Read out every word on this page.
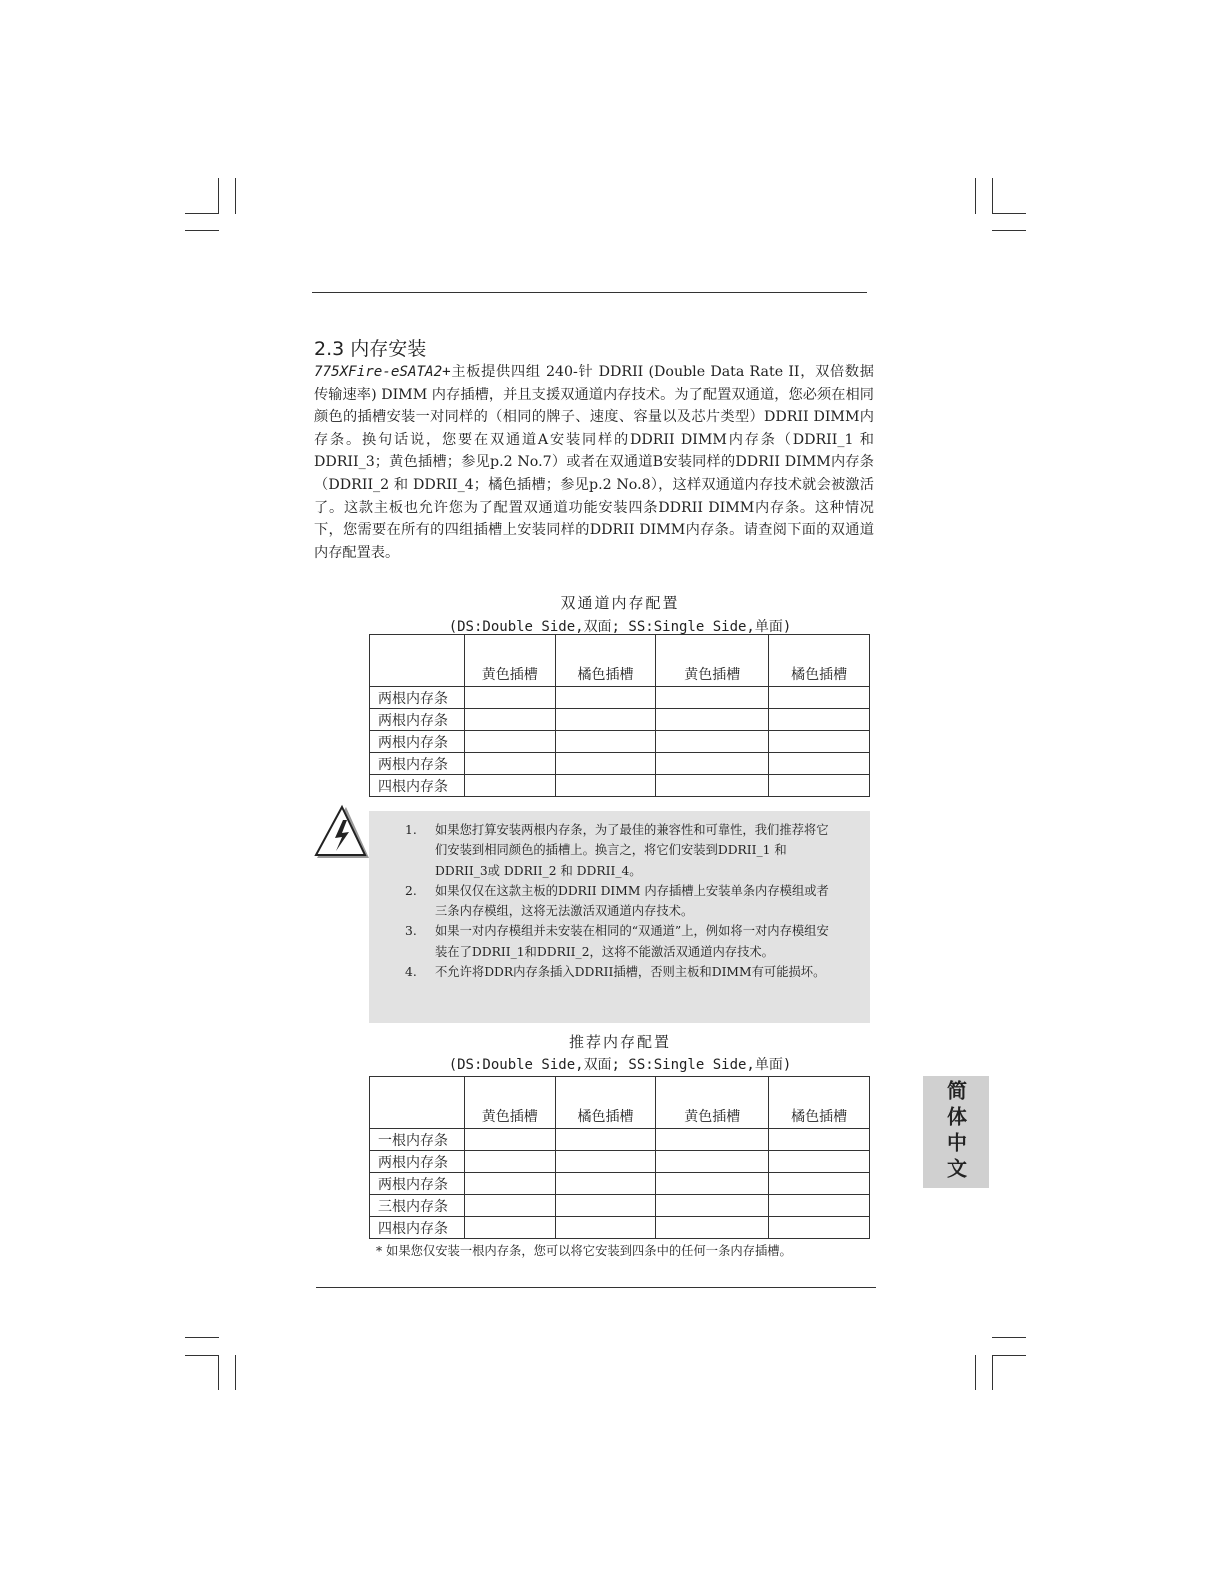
2.3 内存安装

775XFire-eSATA2+主板提供四组 240-针 DDRII (Double Data Rate II，双倍数据传输速率) DIMM 内存插槽，并且支援双通道内存技术。为了配置双通道，您必须在相同颜色的插槽安装一对同样的（相同的牌子、速度、容量以及芯片类型）DDRII DIMM内存条。换句话说，您要在双通道A安装同样的DDRII DIMM内存条（DDRII_1 和 DDRII_3；黄色插槽；参见p.2 No.7）或者在双通道B安装同样的DDRII DIMM内存条（DDRII_2 和 DDRII_4；橘色插槽；参见p.2 No.8），这样双通道内存技术就会被激活了。这款主板也允许您为了配置双通道功能安装四条DDRII DIMM内存条。这种情况下，您需要在所有的四组插槽上安装同样的DDRII DIMM内存条。请查阅下面的双通道内存配置表。

双通道内存配置
(DS:Double Side,双面; SS:Single Side,单面)
	黄色插槽	橘色插槽	黄色插槽	橘色插槽
两根内存条				
两根内存条				
两根内存条				
两根内存条				
四根内存条				
1.	如果您打算安装两根内存条，为了最佳的兼容性和可靠性，我们推荐将它们安装到相同颜色的插槽上。换言之，将它们安装到DDRII_1 和 DDRII_3或 DDRII_2 和 DDRII_4。
2.	如果仅仅在这款主板的DDRII DIMM 内存插槽上安装单条内存模组或者三条内存模组，这将无法激活双通道内存技术。
3.	如果一对内存模组并未安装在相同的“双通道”上，例如将一对内存模组安装在了DDRII_1和DDRII_2，这将不能激活双通道内存技术。
4.	不允许将DDR内存条插入DDRII插槽，否则主板和DIMM有可能损坏。
推荐内存配置
(DS:Double Side,双面; SS:Single Side,单面)
	黄色插槽	橘色插槽	黄色插槽	橘色插槽
一根内存条				
两根内存条				
两根内存条				
三根内存条				
四根内存条				
* 如果您仅安装一根内存条，您可以将它安装到四条中的任何一条内存插槽。
简体中文
